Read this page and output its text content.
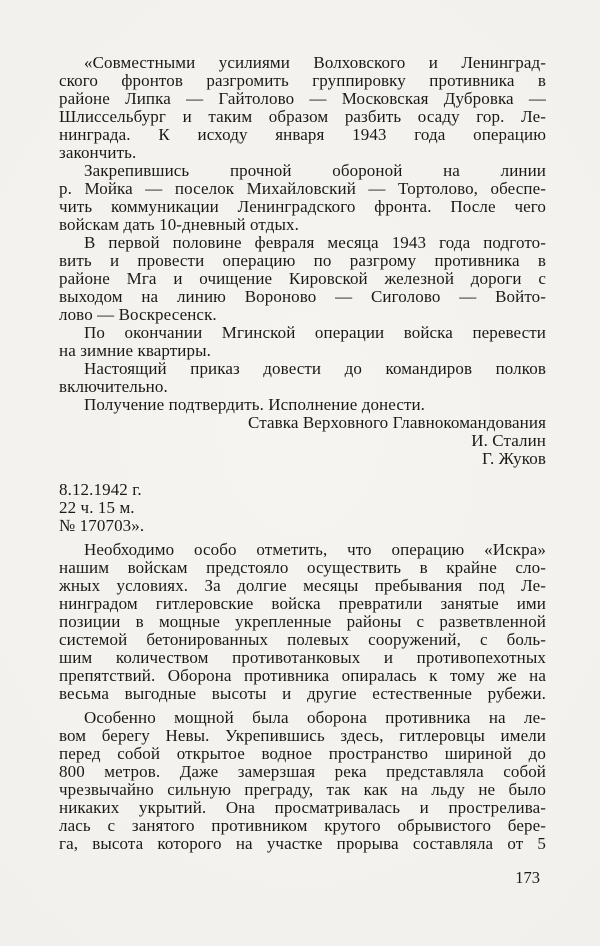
«Совместными усилиями Волховского и Ленинград-
ского фронтов разгромить группировку противника в
районе Липка — Гайтолово — Московская Дубровка —
Шлиссельбург и таким образом разбить осаду гор. Ле-
нинграда. К исходу января 1943 года операцию
закончить.
Закрепившись прочной обороной на линии
р. Мойка — поселок Михайловский — Тортолово, обеспе-
чить коммуникации Ленинградского фронта. После чего
войскам дать 10-дневный отдых.
В первой половине февраля месяца 1943 года подгото-
вить и провести операцию по разгрому противника в
районе Мга и очищение Кировской железной дороги с
выходом на линию Вороново — Сиголово — Войто-
лово — Воскресенск.
По окончании Мгинской операции войска перевести
на зимние квартиры.
Настоящий приказ довести до командиров полков
включительно.
Получение подтвердить. Исполнение донести.
Ставка Верховного Главнокомандования
И. Сталин
Г. Жуков
8.12.1942 г.
22 ч. 15 м.
№ 170703».
Необходимо особо отметить, что операцию «Искра»
нашим войскам предстояло осуществить в крайне сло-
жных условиях. За долгие месяцы пребывания под Ле-
нинградом гитлеровские войска превратили занятые ими
позиции в мощные укрепленные районы с разветвленной
системой бетонированных полевых сооружений, с боль-
шим количеством противотанковых и противопехотных
препятствий. Оборона противника опиралась к тому же на
весьма выгодные высоты и другие естественные рубежи.
Особенно мощной была оборона противника на ле-
вом берегу Невы. Укрепившись здесь, гитлеровцы имели
перед собой открытое водное пространство шириной до
800 метров. Даже замерзшая река представляла собой
чрезвычайно сильную преграду, так как на льду не было
никаких укрытий. Она просматривалась и прострелива-
лась с занятого противником крутого обрывистого бере-
га, высота которого на участке прорыва составляла от 5
173
